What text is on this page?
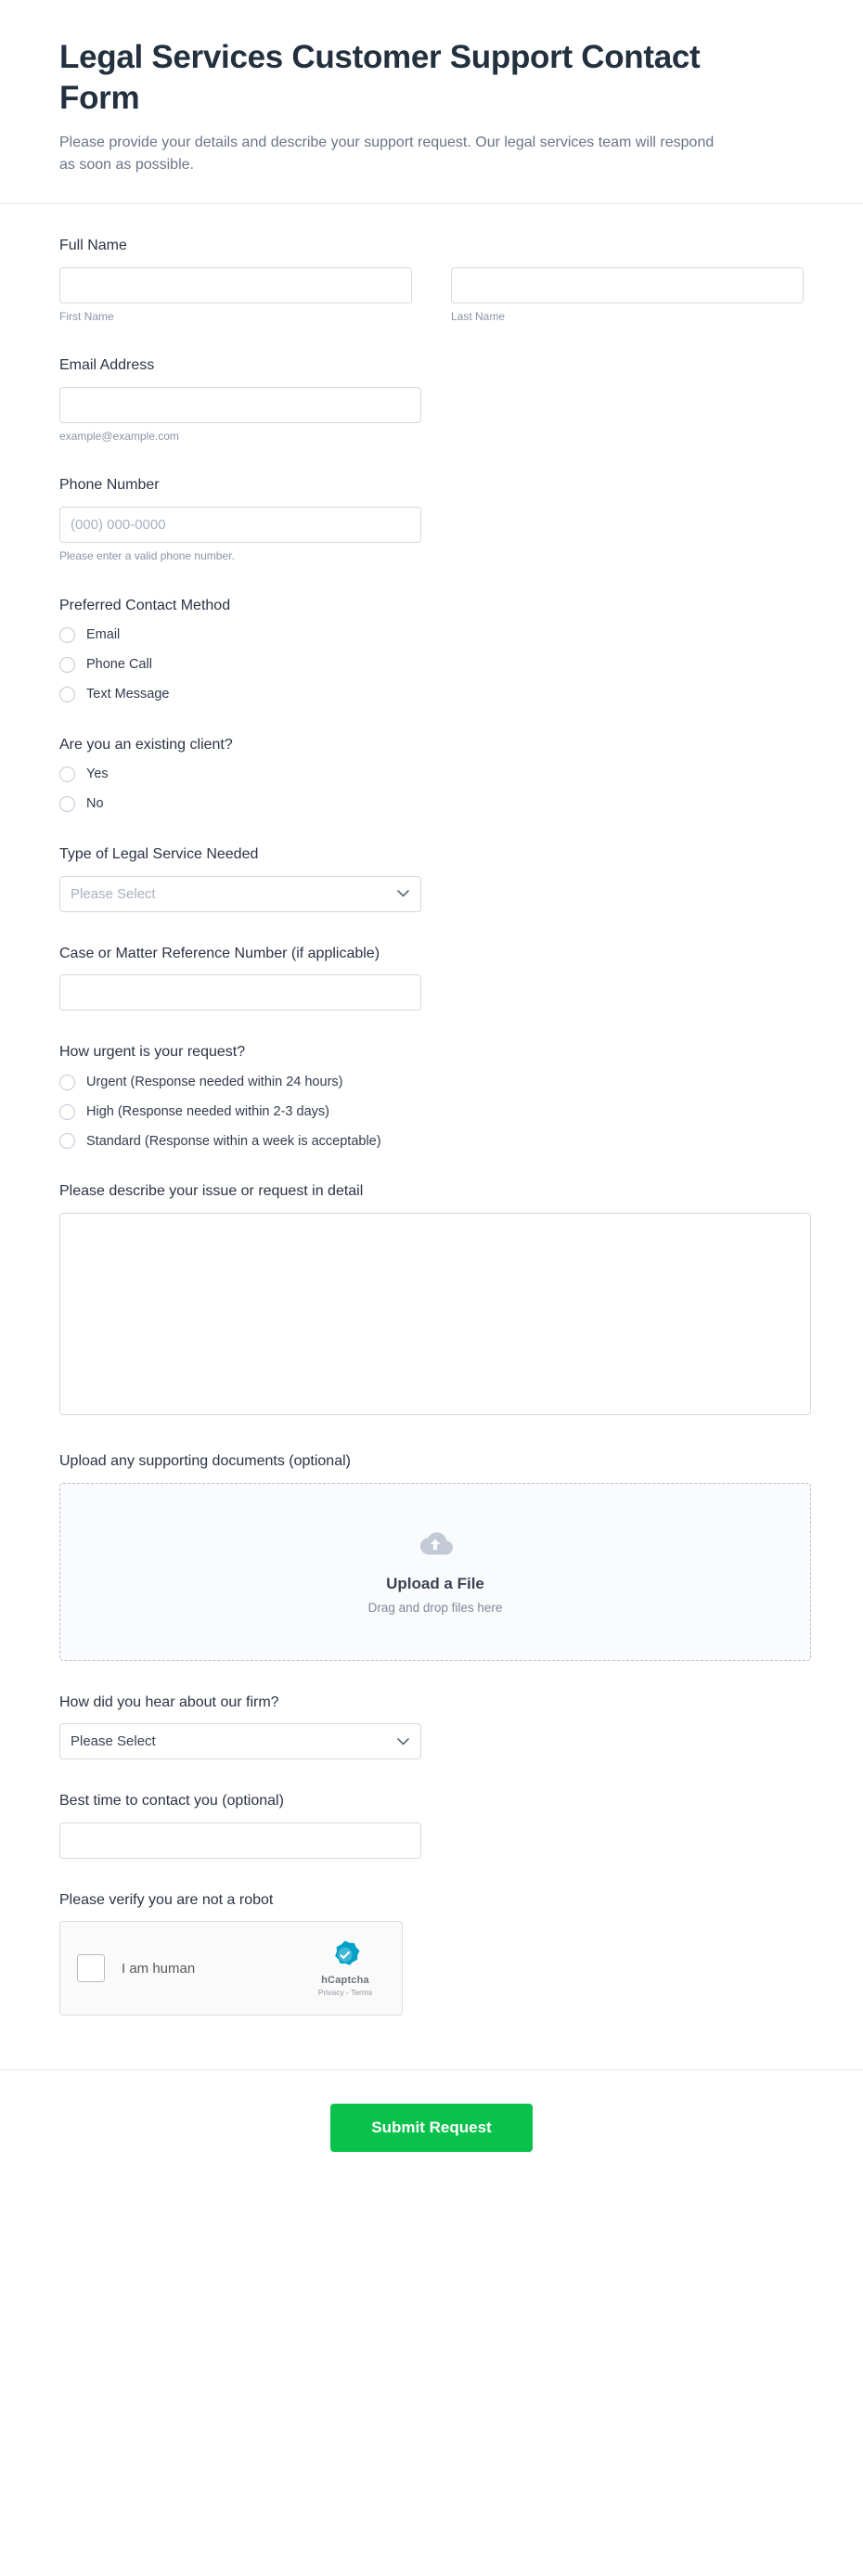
Legal Services Customer Support Contact Form

Please provide your details and describe your support request. Our legal services team will respond as soon as possible.

Full Name
First Name	Last Name
Email Address
example@example.com
Phone Number
(000) 000-0000
Please enter a valid phone number.
Preferred Contact Method
Email
Phone Call
Text Message
Are you an existing client?
Yes
No
Type of Legal Service Needed
Please Select
Case or Matter Reference Number (if applicable)
How urgent is your request?
Urgent (Response needed within 24 hours)
High (Response needed within 2-3 days)
Standard (Response within a week is acceptable)
Please describe your issue or request in detail
Upload any supporting documents (optional)
Upload a File
Drag and drop files here
How did you hear about our firm?
Please Select
Best time to contact you (optional)
Please verify you are not a robot
I am human
hCaptcha
Privacy - Terms
Submit Request
